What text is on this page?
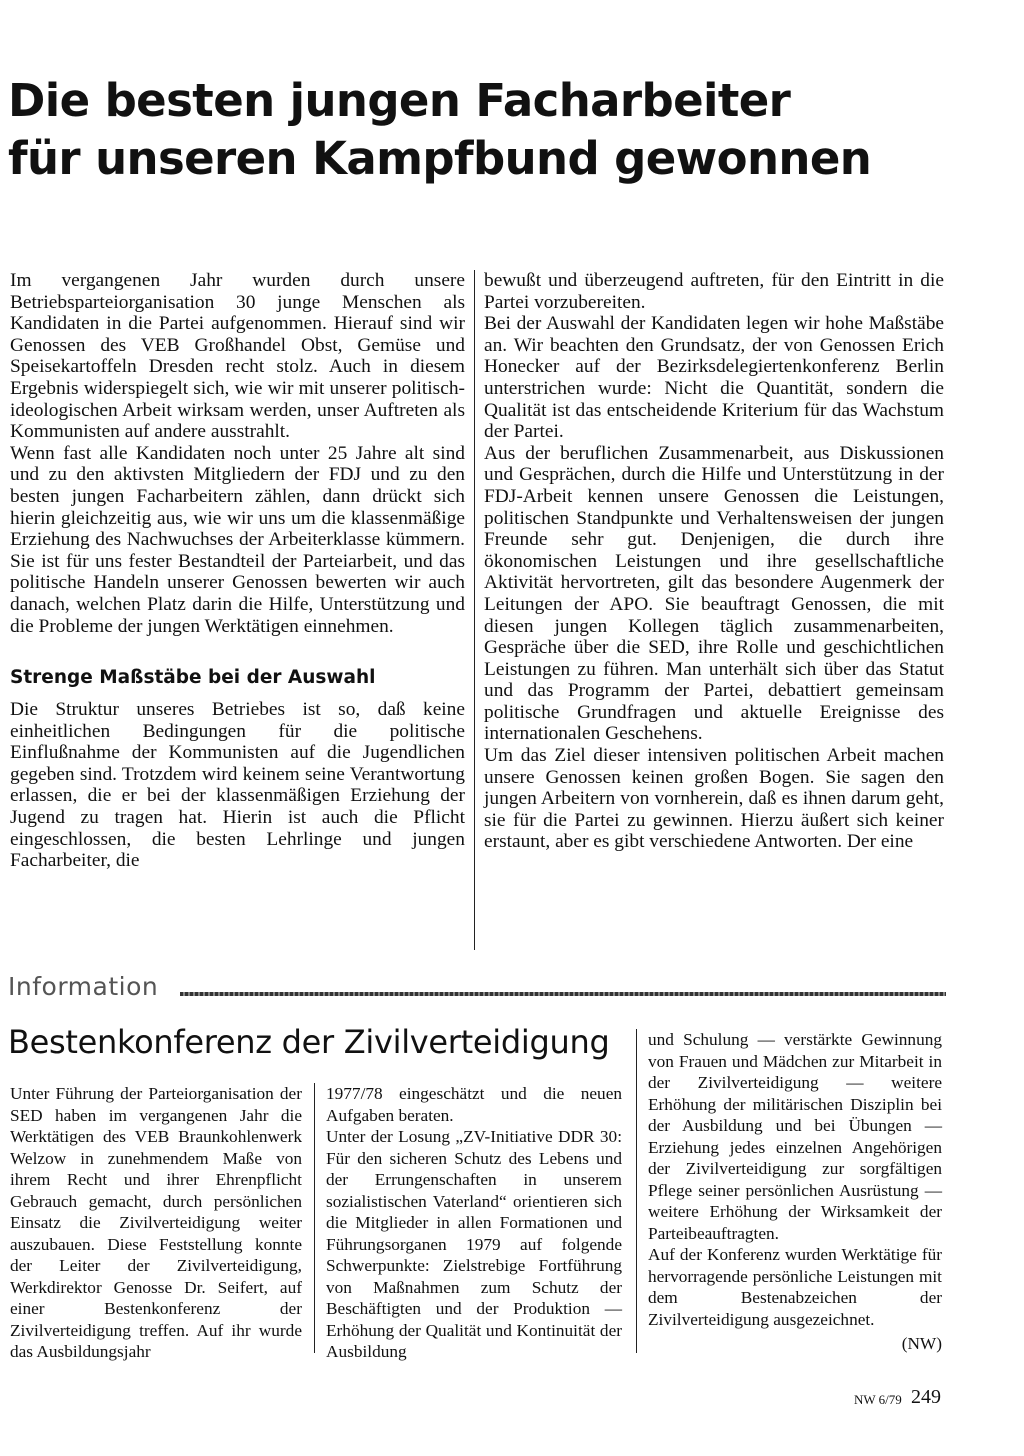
Die besten jungen Facharbeiter
für unseren Kampfbund gewonnen

Im vergangenen Jahr wurden durch unsere Betriebsparteiorganisation 30 junge Menschen als Kandidaten in die Partei aufgenommen. Hierauf sind wir Genossen des VEB Großhandel Obst, Gemüse und Speisekartoffeln Dresden recht stolz. Auch in diesem Ergebnis widerspiegelt sich, wie wir mit unserer politisch-ideologischen Arbeit wirksam werden, unser Auftreten als Kommunisten auf andere ausstrahlt.

Wenn fast alle Kandidaten noch unter 25 Jahre alt sind und zu den aktivsten Mitgliedern der FDJ und zu den besten jungen Facharbeitern zählen, dann drückt sich hierin gleichzeitig aus, wie wir uns um die klassenmäßige Erziehung des Nachwuchses der Arbeiterklasse kümmern. Sie ist für uns fester Bestandteil der Parteiarbeit, und das politische Handeln unserer Genossen bewerten wir auch danach, welchen Platz darin die Hilfe, Unterstützung und die Probleme der jungen Werktätigen einnehmen.

Strenge Maßstäbe bei der Auswahl

Die Struktur unseres Betriebes ist so, daß keine einheitlichen Bedingungen für die politische Einflußnahme der Kommunisten auf die Jugendlichen gegeben sind. Trotzdem wird keinem seine Verantwortung erlassen, die er bei der klassenmäßigen Erziehung der Jugend zu tragen hat. Hierin ist auch die Pflicht eingeschlossen, die besten Lehrlinge und jungen Facharbeiter, die

bewußt und überzeugend auftreten, für den Eintritt in die Partei vorzubereiten.

Bei der Auswahl der Kandidaten legen wir hohe Maßstäbe an. Wir beachten den Grundsatz, der von Genossen Erich Honecker auf der Bezirksdelegiertenkonferenz Berlin unterstrichen wurde: Nicht die Quantität, sondern die Qualität ist das entscheidende Kriterium für das Wachstum der Partei.

Aus der beruflichen Zusammenarbeit, aus Diskussionen und Gesprächen, durch die Hilfe und Unterstützung in der FDJ-Arbeit kennen unsere Genossen die Leistungen, politischen Standpunkte und Verhaltensweisen der jungen Freunde sehr gut. Denjenigen, die durch ihre ökonomischen Leistungen und ihre gesellschaftliche Aktivität hervortreten, gilt das besondere Augenmerk der Leitungen der APO. Sie beauftragt Genossen, die mit diesen jungen Kollegen täglich zusammenarbeiten, Gespräche über die SED, ihre Rolle und geschichtlichen Leistungen zu führen. Man unterhält sich über das Statut und das Programm der Partei, debattiert gemeinsam politische Grundfragen und aktuelle Ereignisse des internationalen Geschehens.

Um das Ziel dieser intensiven politischen Arbeit machen unsere Genossen keinen großen Bogen. Sie sagen den jungen Arbeitern von vornherein, daß es ihnen darum geht, sie für die Partei zu gewinnen. Hierzu äußert sich keiner erstaunt, aber es gibt verschiedene Antworten. Der eine

Information
Bestenkonferenz der Zivilverteidigung

Unter Führung der Parteiorganisation der SED haben im vergangenen Jahr die Werktätigen des VEB Braunkohlenwerk Welzow in zunehmendem Maße von ihrem Recht und ihrer Ehrenpflicht Gebrauch gemacht, durch persönlichen Einsatz die Zivilverteidigung weiter auszubauen. Diese Feststellung konnte der Leiter der Zivilverteidigung, Werkdirektor Genosse Dr. Seifert, auf einer Bestenkonferenz der Zivilverteidigung treffen. Auf ihr wurde das Ausbildungsjahr

1977/78 eingeschätzt und die neuen Aufgaben beraten.

Unter der Losung „ZV-Initiative DDR 30: Für den sicheren Schutz des Lebens und der Errungenschaften in unserem sozialistischen Vaterland“ orientieren sich die Mitglieder in allen Formationen und Führungsorganen 1979 auf folgende Schwerpunkte: Zielstrebige Fortführung von Maßnahmen zum Schutz der Beschäftigten und der Produktion — Erhöhung der Qualität und Kontinuität der Ausbildung

und Schulung — verstärkte Gewinnung von Frauen und Mädchen zur Mitarbeit in der Zivilverteidigung — weitere Erhöhung der militärischen Disziplin bei der Ausbildung und bei Übungen — Erziehung jedes einzelnen Angehörigen der Zivilverteidigung zur sorgfältigen Pflege seiner persönlichen Ausrüstung — weitere Erhöhung der Wirksamkeit der Parteibeauftragten.

Auf der Konferenz wurden Werktätige für hervorragende persönliche Leistungen mit dem Bestenabzeichen der Zivilverteidigung ausgezeichnet.

(NW)
NW 6/79 249
